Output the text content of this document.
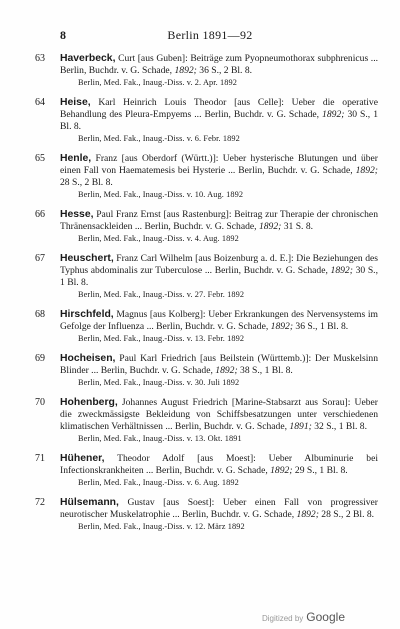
8	Berlin 1891—92
63 Haverbeck, Curt [aus Guben]: Beiträge zum Pyopneumothorax subphrenicus ... Berlin, Buchdr. v. G. Schade, 1892; 36 S., 2 Bl. 8.
Berlin, Med. Fak., Inaug.-Diss. v. 2. Apr. 1892
64 Heise, Karl Heinrich Louis Theodor [aus Celle]: Ueber die operative Behandlung des Pleura-Empyems ... Berlin, Buchdr. v. G. Schade, 1892; 30 S., 1 Bl. 8.
Berlin, Med. Fak., Inaug.-Diss. v. 6. Febr. 1892
65 Henle, Franz [aus Oberdorf (Württ.)]: Ueber hysterische Blutungen und über einen Fall von Haematemesis bei Hysterie ... Berlin, Buchdr. v. G. Schade, 1892; 28 S., 2 Bl. 8.
Berlin, Med. Fak., Inaug.-Diss. v. 10. Aug. 1892
66 Hesse, Paul Franz Ernst [aus Rastenburg]: Beitrag zur Therapie der chronischen Thränensackleiden ... Berlin, Buchdr. v. G. Schade, 1892; 31 S. 8.
Berlin, Med. Fak., Inaug.-Diss. v. 4. Aug. 1892
67 Heuschert, Franz Carl Wilhelm [aus Boizenburg a. d. E.]: Die Beziehungen des Typhus abdominalis zur Tuberculose ... Berlin, Buchdr. v. G. Schade, 1892; 30 S., 1 Bl. 8.
Berlin, Med. Fak., Inaug.-Diss. v. 27. Febr. 1892
68 Hirschfeld, Magnus [aus Kolberg]: Ueber Erkrankungen des Nervensystems im Gefolge der Influenza ... Berlin, Buchdr. v. G. Schade, 1892; 36 S., 1 Bl. 8.
Berlin, Med. Fak., Inaug.-Diss. v. 13. Febr. 1892
69 Hocheisen, Paul Karl Friedrich [aus Beilstein (Württemb.)]: Der Muskelsinn Blinder ... Berlin, Buchdr. v. G. Schade, 1892; 38 S., 1 Bl. 8.
Berlin, Med. Fak., Inaug.-Diss. v. 30. Juli 1892
70 Hohenberg, Johannes August Friedrich [Marine-Stabsarzt aus Sorau]: Ueber die zweckmässigste Bekleidung von Schiffsbesatzungen unter verschiedenen klimatischen Verhältnissen ... Berlin, Buchdr. v. G. Schade, 1891; 32 S., 1 Bl. 8.
Berlin, Med. Fak., Inaug.-Diss. v. 13. Okt. 1891
71 Hühener, Theodor Adolf [aus Moest]: Ueber Albuminurie bei Infectionskrankheiten ... Berlin, Buchdr. v. G. Schade, 1892; 29 S., 1 Bl. 8.
Berlin, Med. Fak., Inaug.-Diss. v. 6. Aug. 1892
72 Hülsemann, Gustav [aus Soest]: Ueber einen Fall von progressiver neurotischer Muskelatrophie ... Berlin, Buchdr. v. G. Schade, 1892; 28 S., 2 Bl. 8.
Berlin, Med. Fak., Inaug.-Diss. v. 12. März 1892
Digitized by Google
